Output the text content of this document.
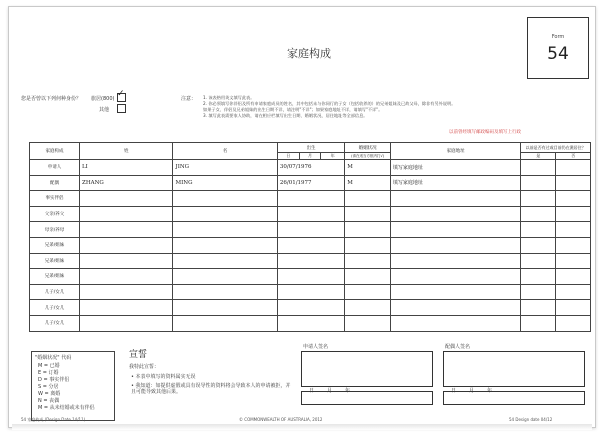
家庭构成
Form
54
您是否曾以下列何种身份？ 旅居(800) ✓
其他
注意： 1. 该表格用英文填写此表。
2. 你必须填写你伴侣及所有申请家庭成员的姓名，其中包括未与你同行的子女（包括收养的）的兄弟姐妹及已故父母，除非有另外说明。
如果子女、伴侣及兄弟姐妹的出生日期不详，请注明"不详"；如果家庭地址不详，请填写"不详"。
3. 填写此表需要家人协助，请在相应栏填写出生日期、婚姻状况、居住地址等全部信息。
以前曾经填写邮政编码及填写上行政
家庭构成	姓	名	出生			婚姻状况	家庭地址	以前是否有过或目前仍在澳居住？	
			日	月	年	(请在适当方框内打√)		是	否
申请人	LI	JING	30/07/1976			M	填写家庭地址		
配偶	ZHANG	MING	26/01/1977			M	填写家庭地址		
事实伴侣									
父亲/养父									
母亲/养母									
兄弟/姐妹									
兄弟/姐妹									
兄弟/姐妹									
儿子/女儿									
儿子/女儿									
儿子/女儿									
"婚姻状况" 代码
M = 已婚
E = 订婚
D = 事实伴侣
S = 分居
W = 离婚
N = 丧偶
M = 从未结婚或未有伴侣
宣誓
我特此宣誓：
• 本表中填写的资料属实无误
• 我知道：如提供虚假或具有误导性的资料将会导致本人的申请被拒，并且可能导致其他后果。
申请人签名
日	月	年
配偶人签名
日	月	年
54 家庭构成 (Design Date 14/11)	© COMMONWEALTH OF AUSTRALIA, 2012	54 Design date 04/12
